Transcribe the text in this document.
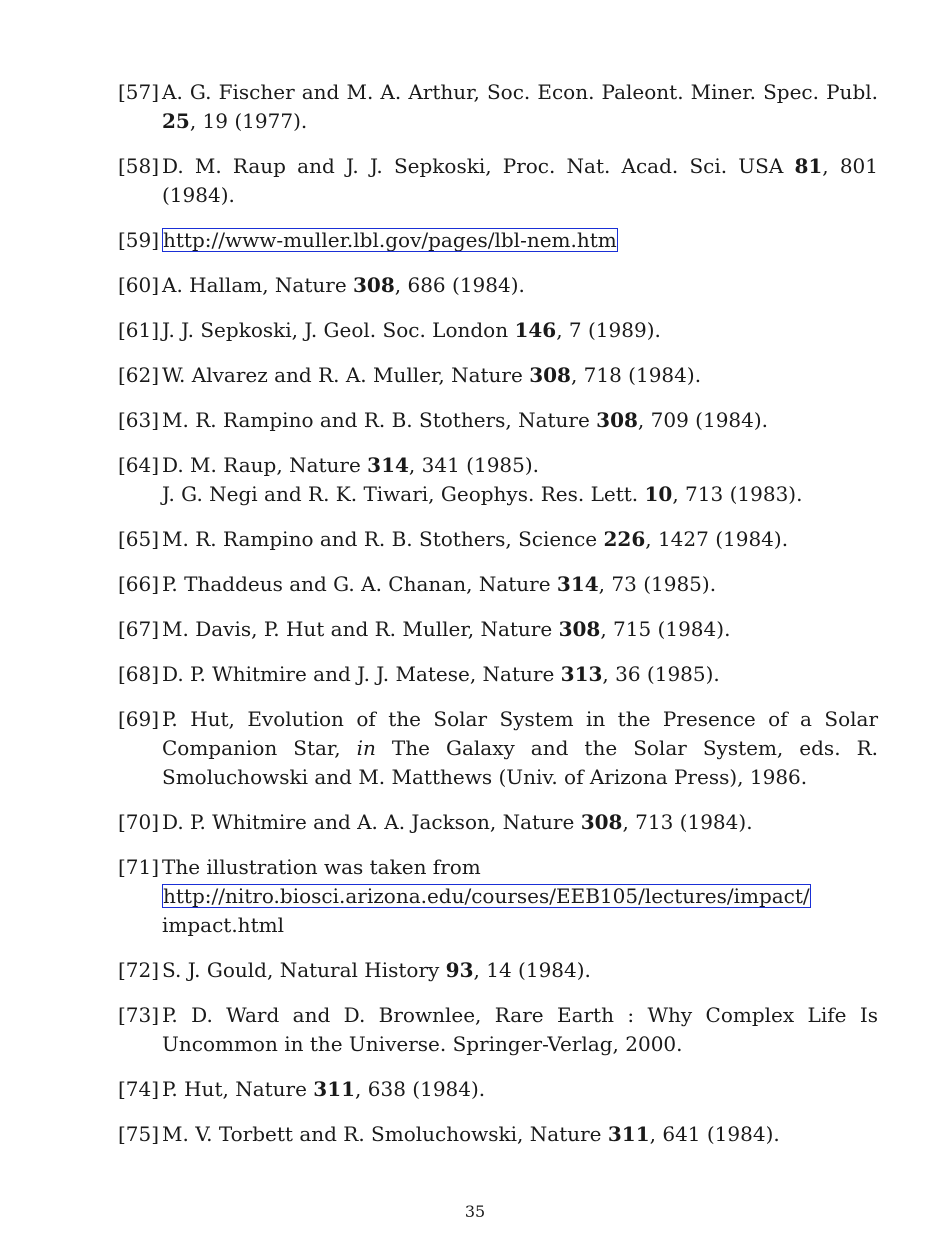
[57] A. G. Fischer and M. A. Arthur, Soc. Econ. Paleont. Miner. Spec. Publ. 25, 19 (1977).
[58] D. M. Raup and J. J. Sepkoski, Proc. Nat. Acad. Sci. USA 81, 801 (1984).
[59] http://www-muller.lbl.gov/pages/lbl-nem.htm
[60] A. Hallam, Nature 308, 686 (1984).
[61] J. J. Sepkoski, J. Geol. Soc. London 146, 7 (1989).
[62] W. Alvarez and R. A. Muller, Nature 308, 718 (1984).
[63] M. R. Rampino and R. B. Stothers, Nature 308, 709 (1984).
[64] D. M. Raup, Nature 314, 341 (1985).
J. G. Negi and R. K. Tiwari, Geophys. Res. Lett. 10, 713 (1983).
[65] M. R. Rampino and R. B. Stothers, Science 226, 1427 (1984).
[66] P. Thaddeus and G. A. Chanan, Nature 314, 73 (1985).
[67] M. Davis, P. Hut and R. Muller, Nature 308, 715 (1984).
[68] D. P. Whitmire and J. J. Matese, Nature 313, 36 (1985).
[69] P. Hut, Evolution of the Solar System in the Presence of a Solar Companion Star, in The Galaxy and the Solar System, eds. R. Smoluchowski and M. Matthews (Univ. of Arizona Press), 1986.
[70] D. P. Whitmire and A. A. Jackson, Nature 308, 713 (1984).
[71] The illustration was taken from
http://nitro.biosci.arizona.edu/courses/EEB105/lectures/impact/
impact.html
[72] S. J. Gould, Natural History 93, 14 (1984).
[73] P. D. Ward and D. Brownlee, Rare Earth : Why Complex Life Is Uncommon in the Universe. Springer-Verlag, 2000.
[74] P. Hut, Nature 311, 638 (1984).
[75] M. V. Torbett and R. Smoluchowski, Nature 311, 641 (1984).
35
